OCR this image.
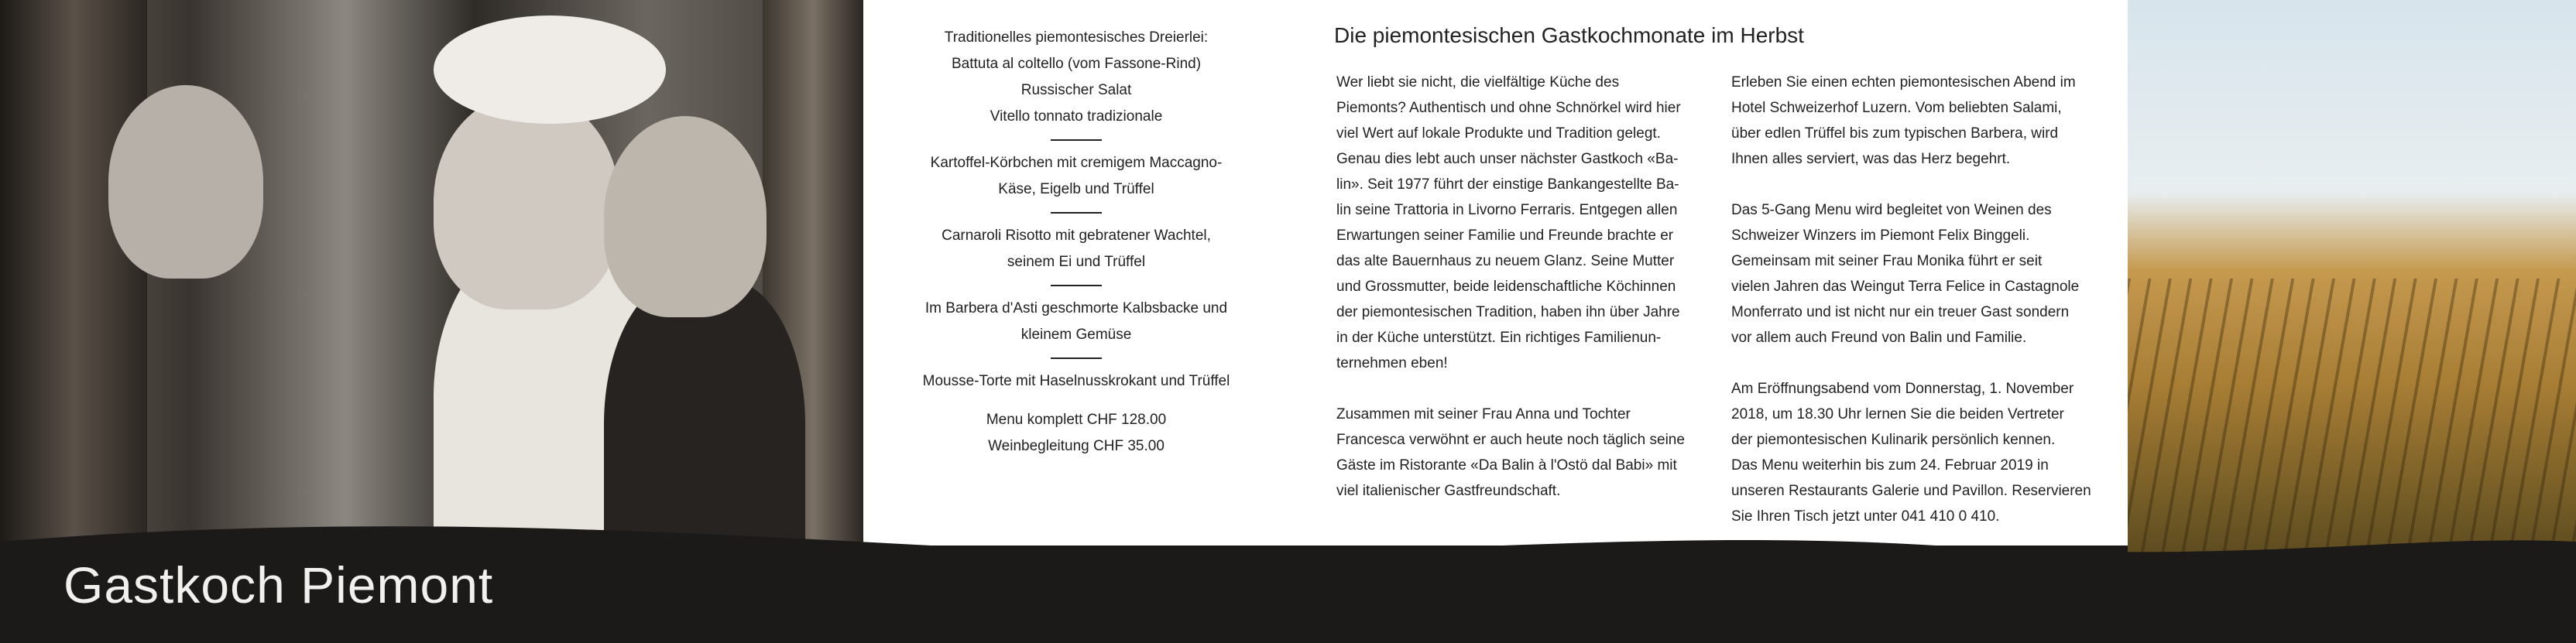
Traditionelles piemontesisches Dreierlei:
Battuta al coltello (vom Fassone-Rind)
Russischer Salat
Vitello tonnato tradizionale

Kartoffel-Körbchen mit cremigem Maccagno-
Käse, Eigelb und Trüffel

Carnaroli Risotto mit gebratener Wachtel,
seinem Ei und Trüffel

Im Barbera d'Asti geschmorte Kalbsbacke und
kleinem Gemüse

Mousse-Torte mit Haselnusskrokant und Trüffel

Menu komplett CHF 128.00

Weinbegleitung CHF 35.00

Die piemontesischen Gastkochmonate im Herbst

Wer liebt sie nicht, die vielfältige Küche des
Piemonts? Authentisch und ohne Schnörkel wird hier
viel Wert auf lokale Produkte und Tradition gelegt.
Genau dies lebt auch unser nächster Gastkoch «Ba-
lin». Seit 1977 führt der einstige Bankangestellte Ba-
lin seine Trattoria in Livorno Ferraris. Entgegen allen
Erwartungen seiner Familie und Freunde brachte er
das alte Bauernhaus zu neuem Glanz. Seine Mutter
und Grossmutter, beide leidenschaftliche Köchinnen
der piemontesischen Tradition, haben ihn über Jahre
in der Küche unterstützt. Ein richtiges Familienun-
ternehmen eben!

Zusammen mit seiner Frau Anna und Tochter
Francesca verwöhnt er auch heute noch täglich seine
Gäste im Ristorante «Da Balin à l'Ostö dal Babi» mit
viel italienischer Gastfreundschaft.

Erleben Sie einen echten piemontesischen Abend im
Hotel Schweizerhof Luzern. Vom beliebten Salami,
über edlen Trüffel bis zum typischen Barbera, wird
Ihnen alles serviert, was das Herz begehrt.

Das 5-Gang Menu wird begleitet von Weinen des
Schweizer Winzers im Piemont Felix Binggeli.
Gemeinsam mit seiner Frau Monika führt er seit
vielen Jahren das Weingut Terra Felice in Castagnole
Monferrato und ist nicht nur ein treuer Gast sondern
vor allem auch Freund von Balin und Familie.

Am Eröffnungsabend vom Donnerstag, 1. November
2018, um 18.30 Uhr lernen Sie die beiden Vertreter
der piemontesischen Kulinarik persönlich kennen.
Das Menu weiterhin bis zum 24. Februar 2019 in
unseren Restaurants Galerie und Pavillon. Reservieren
Sie Ihren Tisch jetzt unter 041 410 0 410.

Gastkoch Piemont
